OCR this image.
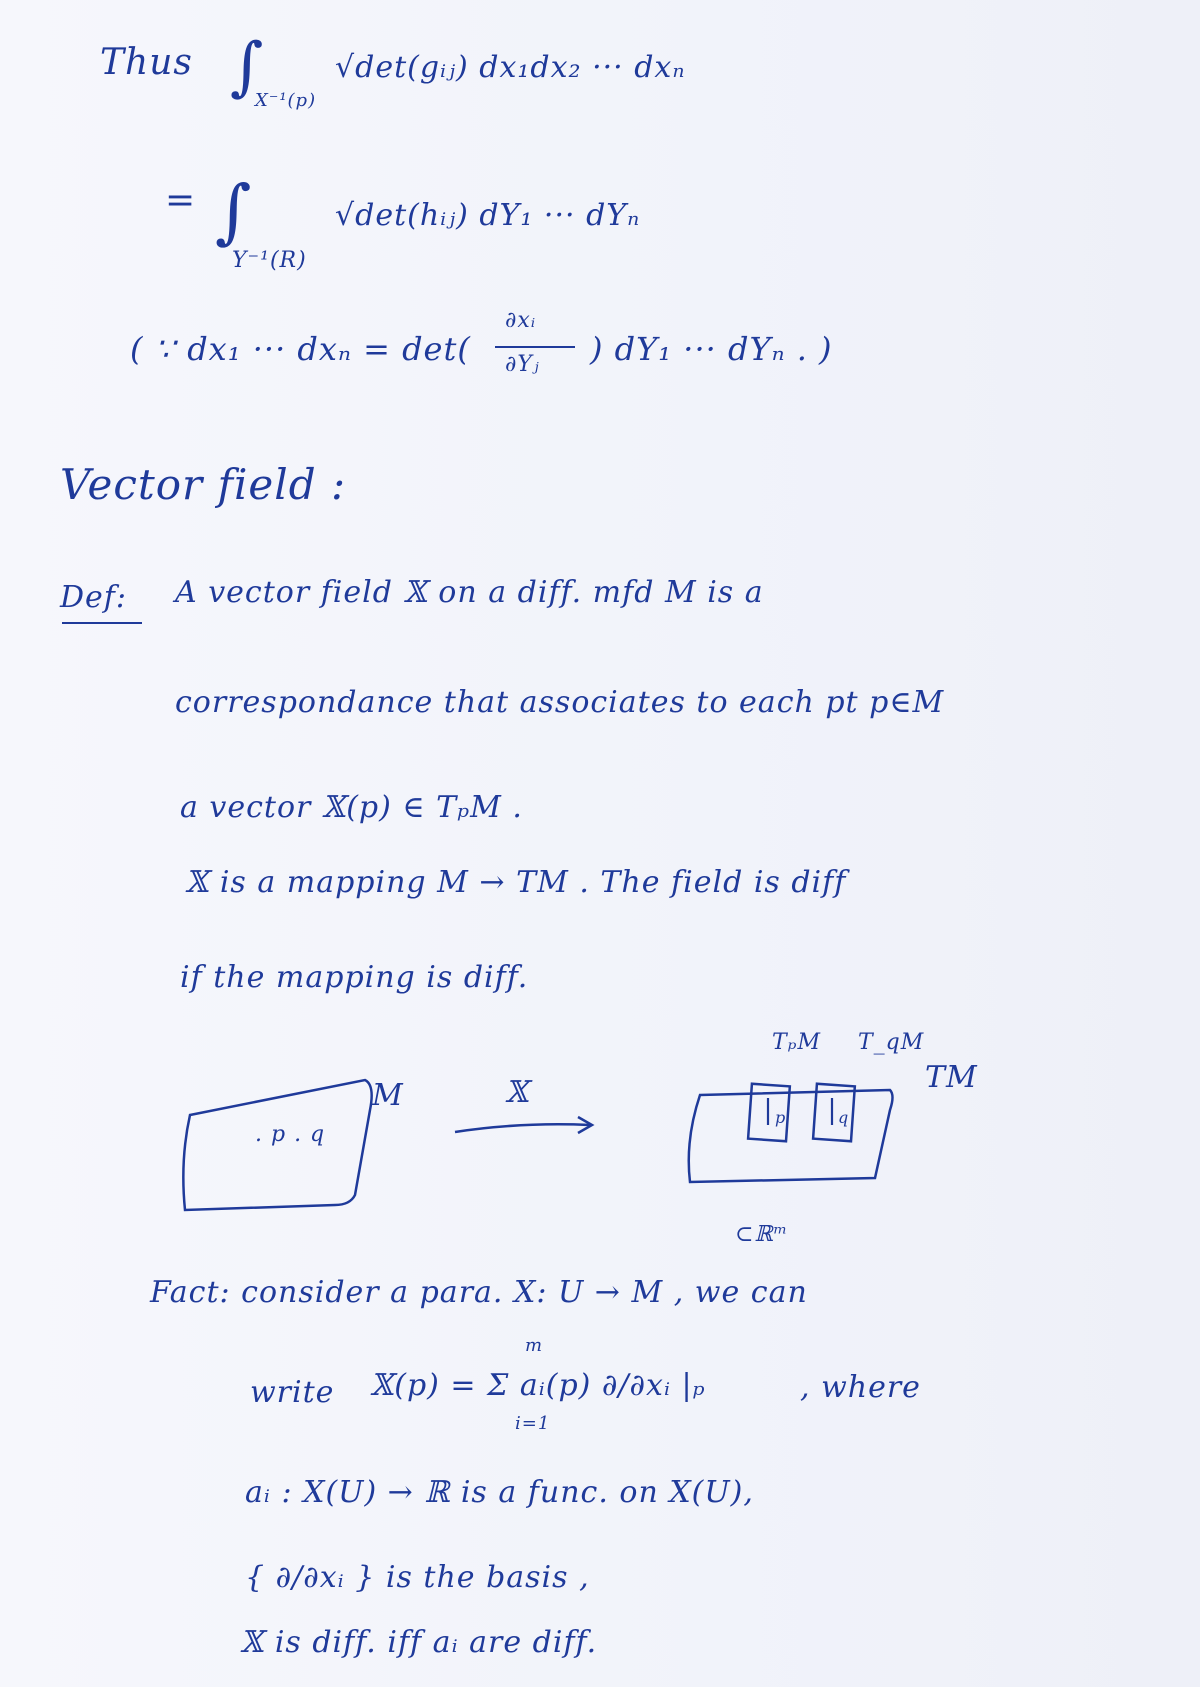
Thus ∫
X⁻¹(p)
√det(gᵢⱼ) dx₁dx₂ ··· dxₙ
= ∫
Y⁻¹(R)
√det(hᵢⱼ) dY₁ ··· dYₙ
( ∵ dx₁ ··· dxₙ = det(
∂xᵢ
∂Yⱼ ) dY₁ ··· dYₙ . )
Vector field :
Def: A vector field 𝕏 on a diff. mfd M is a
correspondance that associates to each pt p∈M
a vector 𝕏(p) ∈ TₚM .
𝕏 is a mapping M → TM . The field is diff
if the mapping is diff.
. p . q
M	𝕏
TₚM T_qM
TM
p	q
⊂ℝᵐ
Fact: consider a para. X: U → M , we can
write
m
𝕏(p) = Σ aᵢ(p) ∂/∂xᵢ |ₚ
i=1
, where
aᵢ : X(U) → ℝ is a func. on X(U),
{ ∂/∂xᵢ } is the basis ,
𝕏 is diff. iff aᵢ are diff.
